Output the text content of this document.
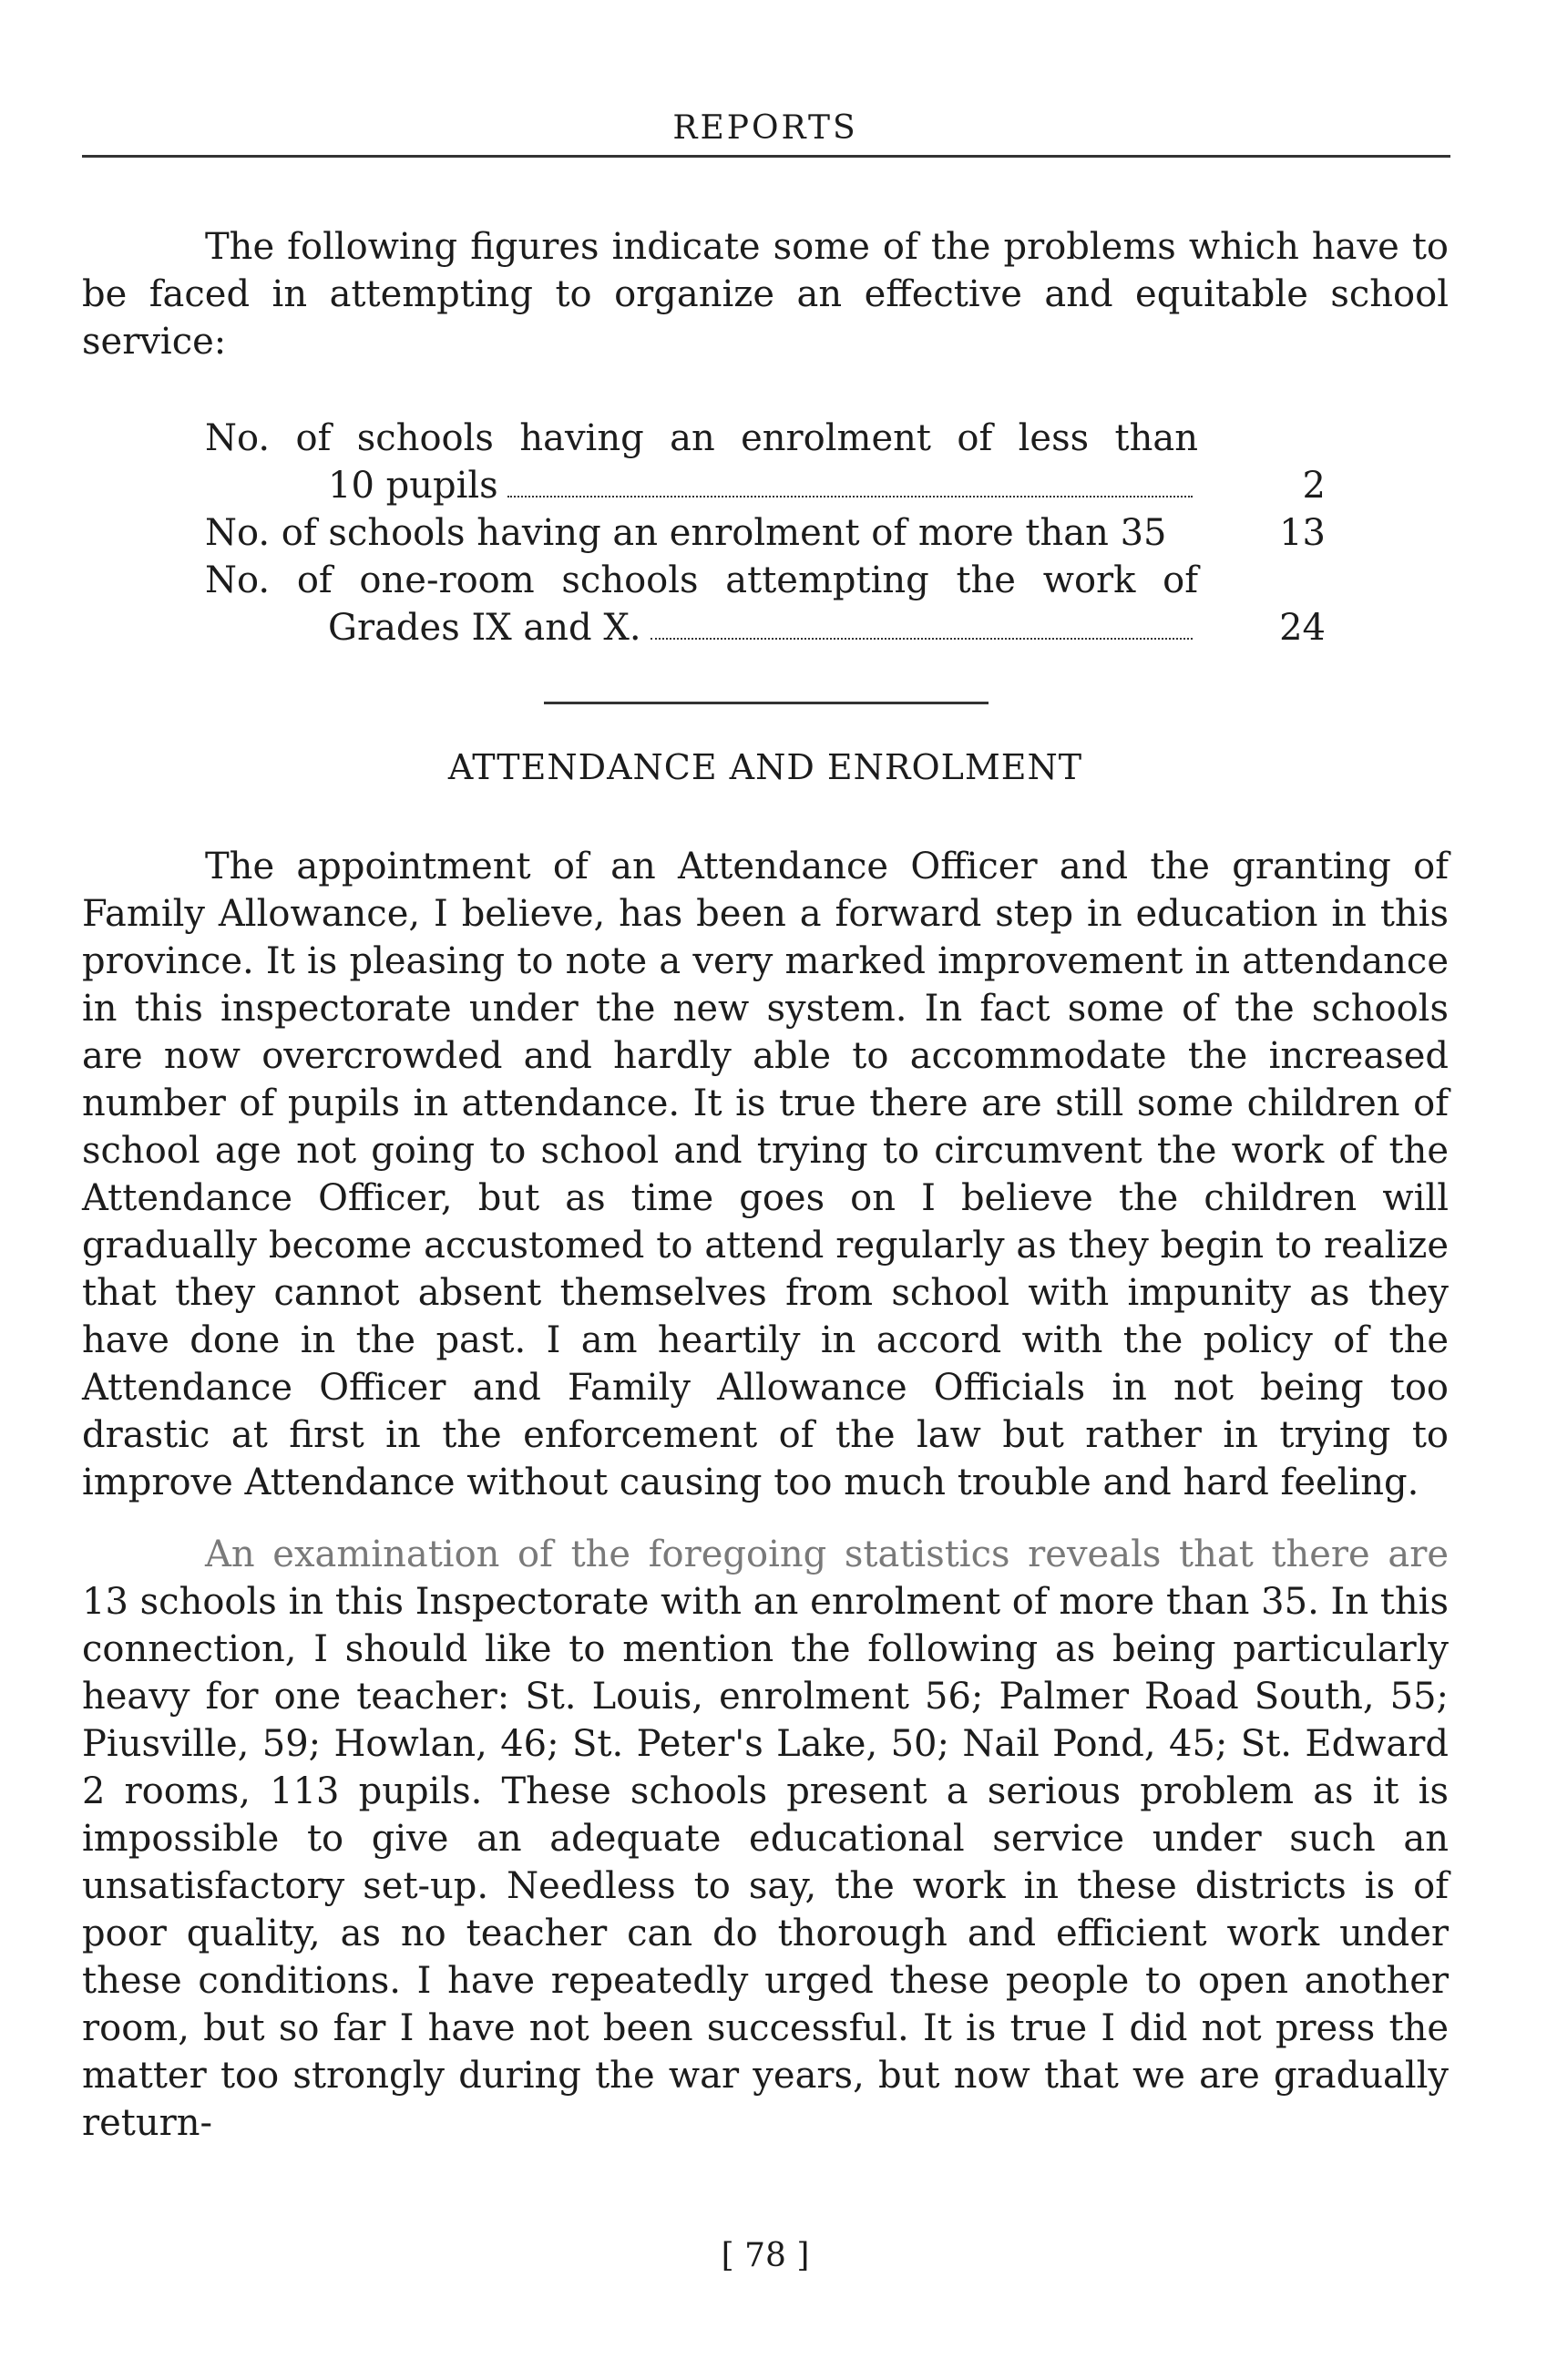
REPORTS

The following figures indicate some of the problems which have to be faced in attempting to organize an effective and equitable school service:

No. of schools having an enrolment of less than
10 pupils	2
No. of schools having an enrolment of more than 35	13
No. of one-room schools attempting the work of
Grades IX and X.	24
ATTENDANCE AND ENROLMENT

The appointment of an Attendance Officer and the granting of Family Allowance, I believe, has been a forward step in education in this province. It is pleasing to note a very marked improvement in attendance in this inspectorate under the new system. In fact some of the schools are now overcrowded and hardly able to accommodate the increased number of pupils in attendance. It is true there are still some children of school age not going to school and trying to circumvent the work of the Attendance Officer, but as time goes on I believe the children will gradually become accustomed to attend regularly as they begin to realize that they cannot absent themselves from school with impunity as they have done in the past. I am heartily in accord with the policy of the Attendance Officer and Family Allowance Officials in not being too drastic at first in the enforcement of the law but rather in trying to improve Attendance without causing too much trouble and hard feeling.

An examination of the foregoing statistics reveals that there are 13 schools in this Inspectorate with an enrolment of more than 35. In this connection, I should like to mention the following as being particularly heavy for one teacher: St. Louis, enrolment 56; Palmer Road South, 55; Piusville, 59; Howlan, 46; St. Peter's Lake, 50; Nail Pond, 45; St. Edward 2 rooms, 113 pupils. These schools present a serious problem as it is impossible to give an adequate educational service under such an unsatisfactory set-up. Needless to say, the work in these districts is of poor quality, as no teacher can do thorough and efficient work under these conditions. I have repeatedly urged these people to open another room, but so far I have not been successful. It is true I did not press the matter too strongly during the war years, but now that we are gradually return-

[ 78 ]
